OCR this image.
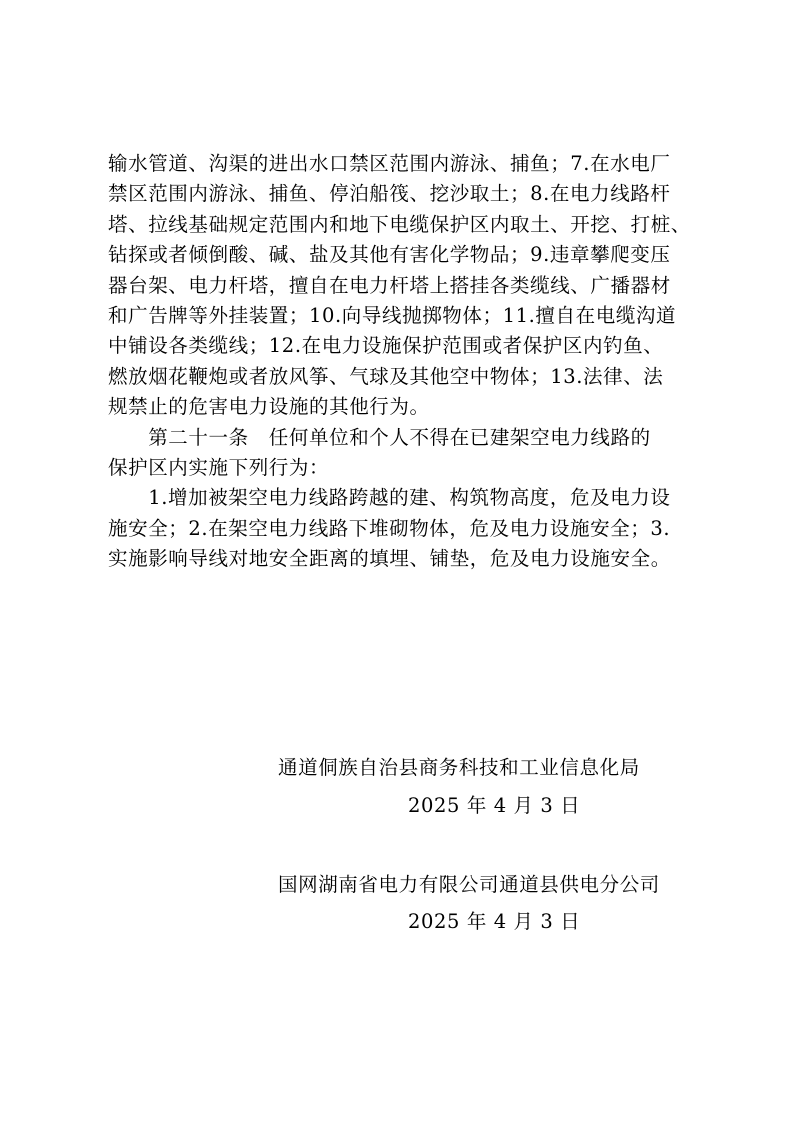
输水管道、沟渠的进出水口禁区范围内游泳、捕鱼；7.在水电厂
禁区范围内游泳、捕鱼、停泊船筏、挖沙取土；8.在电力线路杆
塔、拉线基础规定范围内和地下电缆保护区内取土、开挖、打桩、
钻探或者倾倒酸、碱、盐及其他有害化学物品；9.违章攀爬变压
器台架、电力杆塔，擅自在电力杆塔上搭挂各类缆线、广播器材
和广告牌等外挂装置；10.向导线抛掷物体；11.擅自在电缆沟道
中铺设各类缆线；12.在电力设施保护范围或者保护区内钓鱼、
燃放烟花鞭炮或者放风筝、气球及其他空中物体；13.法律、法
规禁止的危害电力设施的其他行为。
　　第二十一条　任何单位和个人不得在已建架空电力线路的
保护区内实施下列行为：
　　1.增加被架空电力线路跨越的建、构筑物高度，危及电力设
施安全；2.在架空电力线路下堆砌物体，危及电力设施安全；3.
实施影响导线对地安全距离的填埋、铺垫，危及电力设施安全。
通道侗族自治县商务科技和工业信息化局
2025 年 4 月 3 日
国网湖南省电力有限公司通道县供电分公司
2025 年 4 月 3 日
